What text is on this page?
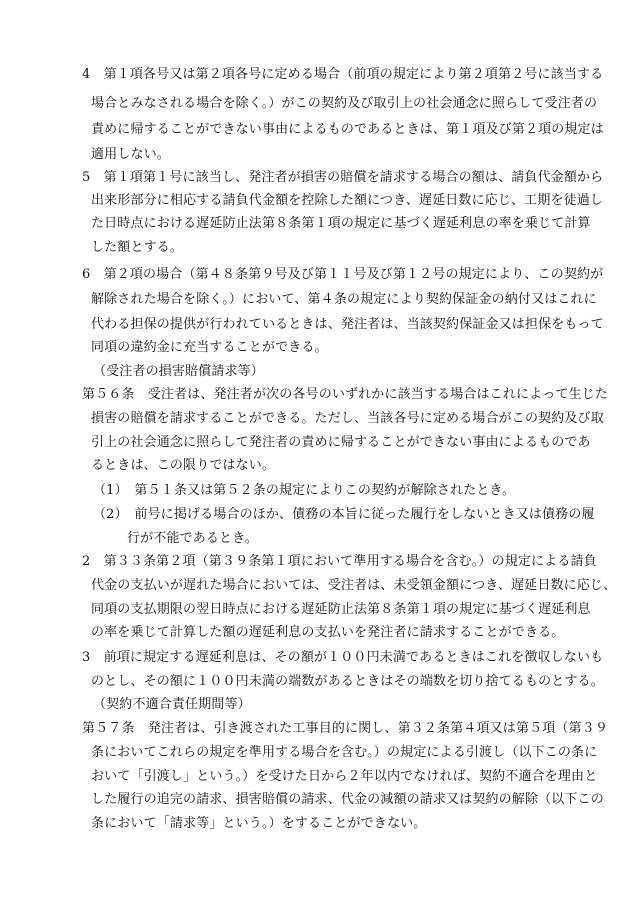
4　第１項各号又は第２項各号に定める場合（前項の規定により第２項第２号に該当する
場合とみなされる場合を除く。）がこの契約及び取引上の社会通念に照らして受注者の
責めに帰することができない事由によるものであるときは、第１項及び第２項の規定は
適用しない。
5　第１項第１号に該当し、発注者が損害の賠償を請求する場合の額は、請負代金額から
出来形部分に相応する請負代金額を控除した額につき、遅延日数に応じ、工期を徒過し
た日時点における遅延防止法第８条第１項の規定に基づく遅延利息の率を乗じて計算
した額とする。
6　第２項の場合（第４８条第９号及び第１１号及び第１２号の規定により、この契約が
解除された場合を除く。）において、第４条の規定により契約保証金の納付又はこれに
代わる担保の提供が行われているときは、発注者は、当該契約保証金又は担保をもって
同項の違約金に充当することができる。
（受注者の損害賠償請求等）
第５６条　受注者は、発注者が次の各号のいずれかに該当する場合はこれによって生じた
損害の賠償を請求することができる。ただし、当該各号に定める場合がこの契約及び取
引上の社会通念に照らして発注者の責めに帰することができない事由によるものであ
るときは、この限りではない。
（1）　第５１条又は第５２条の規定によりこの契約が解除されたとき。
（2）　前号に掲げる場合のほか、債務の本旨に従った履行をしないとき又は債務の履
行が不能であるとき。
2　第３３条第２項（第３９条第１項において準用する場合を含む。）の規定による請負
代金の支払いが遅れた場合においては、受注者は、未受領金額につき、遅延日数に応じ、
同項の支払期限の翌日時点における遅延防止法第８条第１項の規定に基づく遅延利息
の率を乗じて計算した額の遅延利息の支払いを発注者に請求することができる。
3　前項に規定する遅延利息は、その額が１００円未満であるときはこれを徴収しないも
のとし、その額に１００円未満の端数があるときはその端数を切り捨てるものとする。
（契約不適合責任期間等）
第５７条　発注者は、引き渡された工事目的に関し、第３２条第４項又は第５項（第３９
条においてこれらの規定を準用する場合を含む。）の規定による引渡し（以下この条に
おいて「引渡し」という。）を受けた日から２年以内でなければ、契約不適合を理由と
した履行の追完の請求、損害賠償の請求、代金の減額の請求又は契約の解除（以下この
条において「請求等」という。）をすることができない。
